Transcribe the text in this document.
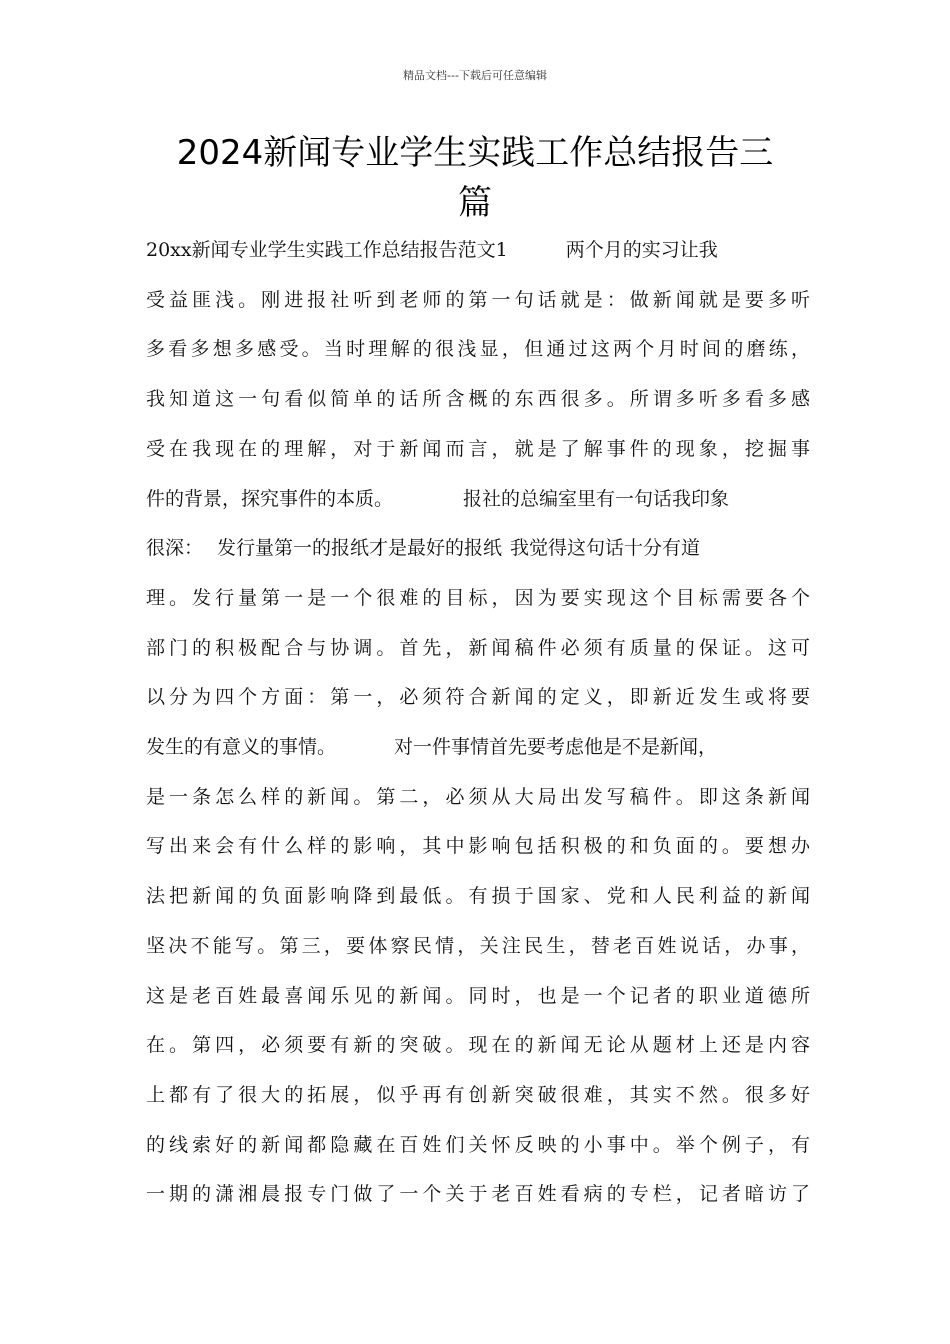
精品文档---下载后可任意编辑
2024新闻专业学生实践工作总结报告三
篇
20xx新闻专业学生实践工作总结报告范文1	两个月的实习让我
受益匪浅。刚进报社听到老师的第一句话就是：做新闻就是要多听
多看多想多感受。当时理解的很浅显，但通过这两个月时间的磨练，
我知道这一句看似简单的话所含概的东西很多。所谓多听多看多感
受在我现在的理解，对于新闻而言，就是了解事件的现象，挖掘事
件的背景，探究事件的本质。	报社的总编室里有一句话我印象
很深： 发行量第一的报纸才是最好的报纸 我觉得这句话十分有道
理。发行量第一是一个很难的目标，因为要实现这个目标需要各个
部门的积极配合与协调。首先，新闻稿件必须有质量的保证。这可
以分为四个方面：第一，必须符合新闻的定义，即新近发生或将要
发生的有意义的事情。	对一件事情首先要考虑他是不是新闻，
是一条怎么样的新闻。第二，必须从大局出发写稿件。即这条新闻
写出来会有什么样的影响，其中影响包括积极的和负面的。要想办
法把新闻的负面影响降到最低。有损于国家、党和人民利益的新闻
坚决不能写。第三，要体察民情，关注民生，替老百姓说话，办事，
这是老百姓最喜闻乐见的新闻。同时，也是一个记者的职业道德所
在。第四，必须要有新的突破。现在的新闻无论从题材上还是内容
上都有了很大的拓展，似乎再有创新突破很难，其实不然。很多好
的线索好的新闻都隐藏在百姓们关怀反映的小事中。举个例子，有
一期的潇湘晨报专门做了一个关于老百姓看病的专栏，记者暗访了
